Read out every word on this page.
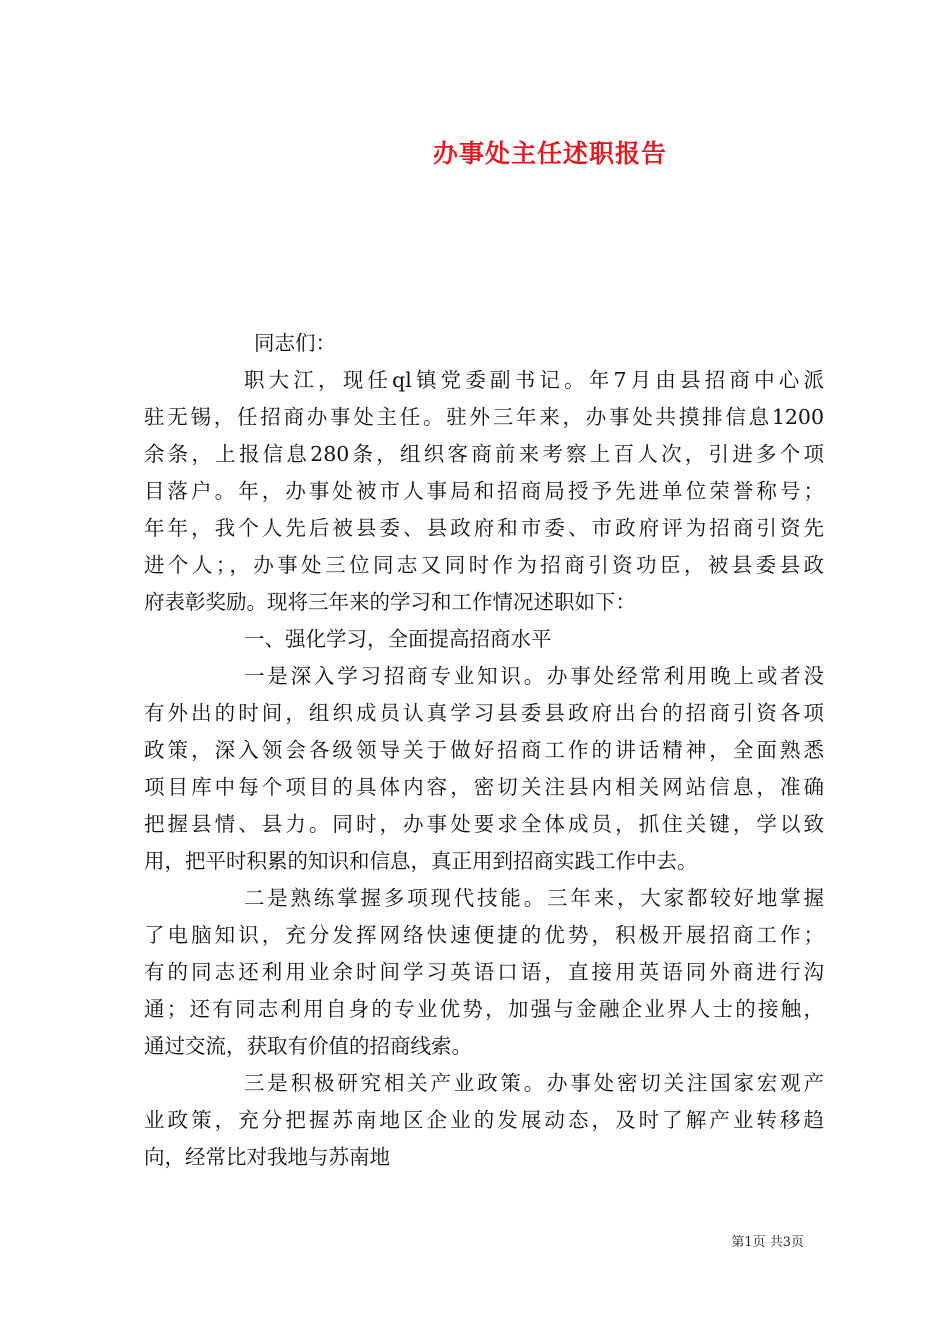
办事处主任述职报告
同志们：
职大江，现任ql镇党委副书记。年7月由县招商中心派
驻无锡，任招商办事处主任。驻外三年来，办事处共摸排信息1200
余条，上报信息280条，组织客商前来考察上百人次，引进多个项
目落户。年，办事处被市人事局和招商局授予先进单位荣誉称号；
年年，我个人先后被县委、县政府和市委、市政府评为招商引资先
进个人；，办事处三位同志又同时作为招商引资功臣，被县委县政
府表彰奖励。现将三年来的学习和工作情况述职如下：
一、强化学习，全面提高招商水平
一是深入学习招商专业知识。办事处经常利用晚上或者没
有外出的时间，组织成员认真学习县委县政府出台的招商引资各项
政策，深入领会各级领导关于做好招商工作的讲话精神，全面熟悉
项目库中每个项目的具体内容，密切关注县内相关网站信息，准确
把握县情、县力。同时，办事处要求全体成员，抓住关键，学以致
用，把平时积累的知识和信息，真正用到招商实践工作中去。
二是熟练掌握多项现代技能。三年来，大家都较好地掌握
了电脑知识，充分发挥网络快速便捷的优势，积极开展招商工作；
有的同志还利用业余时间学习英语口语，直接用英语同外商进行沟
通；还有同志利用自身的专业优势，加强与金融企业界人士的接触，
通过交流，获取有价值的招商线索。
三是积极研究相关产业政策。办事处密切关注国家宏观产
业政策，充分把握苏南地区企业的发展动态，及时了解产业转移趋
向，经常比对我地与苏南地
第1页 共3页
